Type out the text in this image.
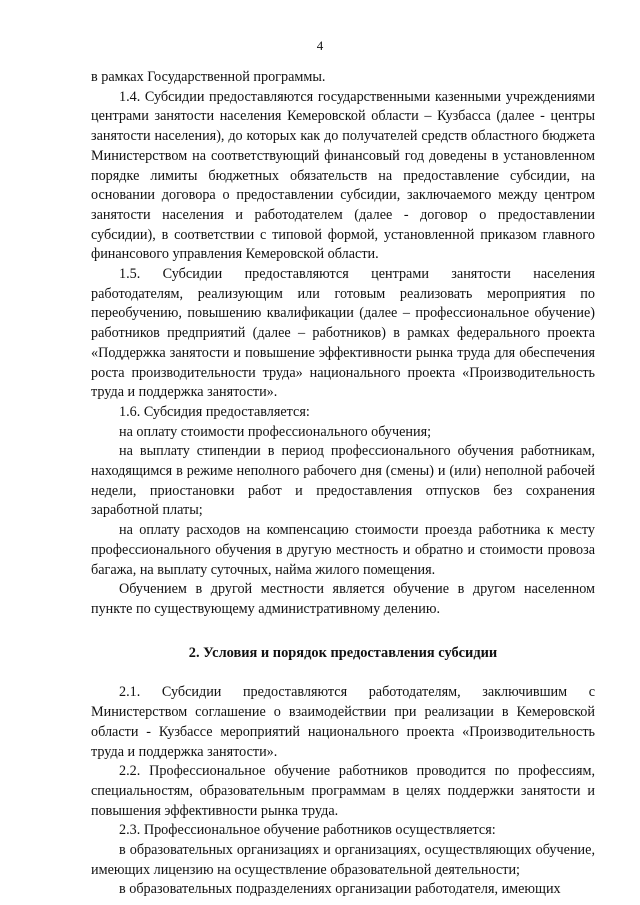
4

в рамках Государственной программы.

1.4. Субсидии предоставляются государственными казенными учреждениями центрами занятости населения Кемеровской области – Кузбасса (далее - центры занятости населения), до которых как до получателей средств областного бюджета Министерством на соответствующий финансовый год доведены в установленном порядке лимиты бюджетных обязательств на предоставление субсидии, на основании договора о предоставлении субсидии, заключаемого между центром занятости населения и работодателем (далее - договор о предоставлении субсидии), в соответствии с типовой формой, установленной приказом главного финансового управления Кемеровской области.

1.5. Субсидии предоставляются центрами занятости населения работодателям, реализующим или готовым реализовать мероприятия по переобучению, повышению квалификации (далее – профессиональное обучение) работников предприятий (далее – работников) в рамках федерального проекта «Поддержка занятости и повышение эффективности рынка труда для обеспечения роста производительности труда» национального проекта «Производительность труда и поддержка занятости».

1.6. Субсидия предоставляется:

на оплату стоимости профессионального обучения;

на выплату стипендии в период профессионального обучения работникам, находящимся в режиме неполного рабочего дня (смены) и (или) неполной рабочей недели, приостановки работ и предоставления отпусков без сохранения заработной платы;

на оплату расходов на компенсацию стоимости проезда работника к месту профессионального обучения в другую местность и обратно и стоимости провоза багажа, на выплату суточных, найма жилого помещения.

Обучением в другой местности является обучение в другом населенном пункте по существующему административному делению.

2. Условия и порядок предоставления субсидии

2.1. Субсидии предоставляются работодателям, заключившим с Министерством соглашение о взаимодействии при реализации в Кемеровской области - Кузбассе мероприятий национального проекта «Производительность труда и поддержка занятости».

2.2. Профессиональное обучение работников проводится по профессиям, специальностям, образовательным программам в целях поддержки занятости и повышения эффективности рынка труда.

2.3. Профессиональное обучение работников осуществляется:

в образовательных организациях и организациях, осуществляющих обучение, имеющих лицензию на осуществление образовательной деятельности;

в образовательных подразделениях организации работодателя, имеющих
